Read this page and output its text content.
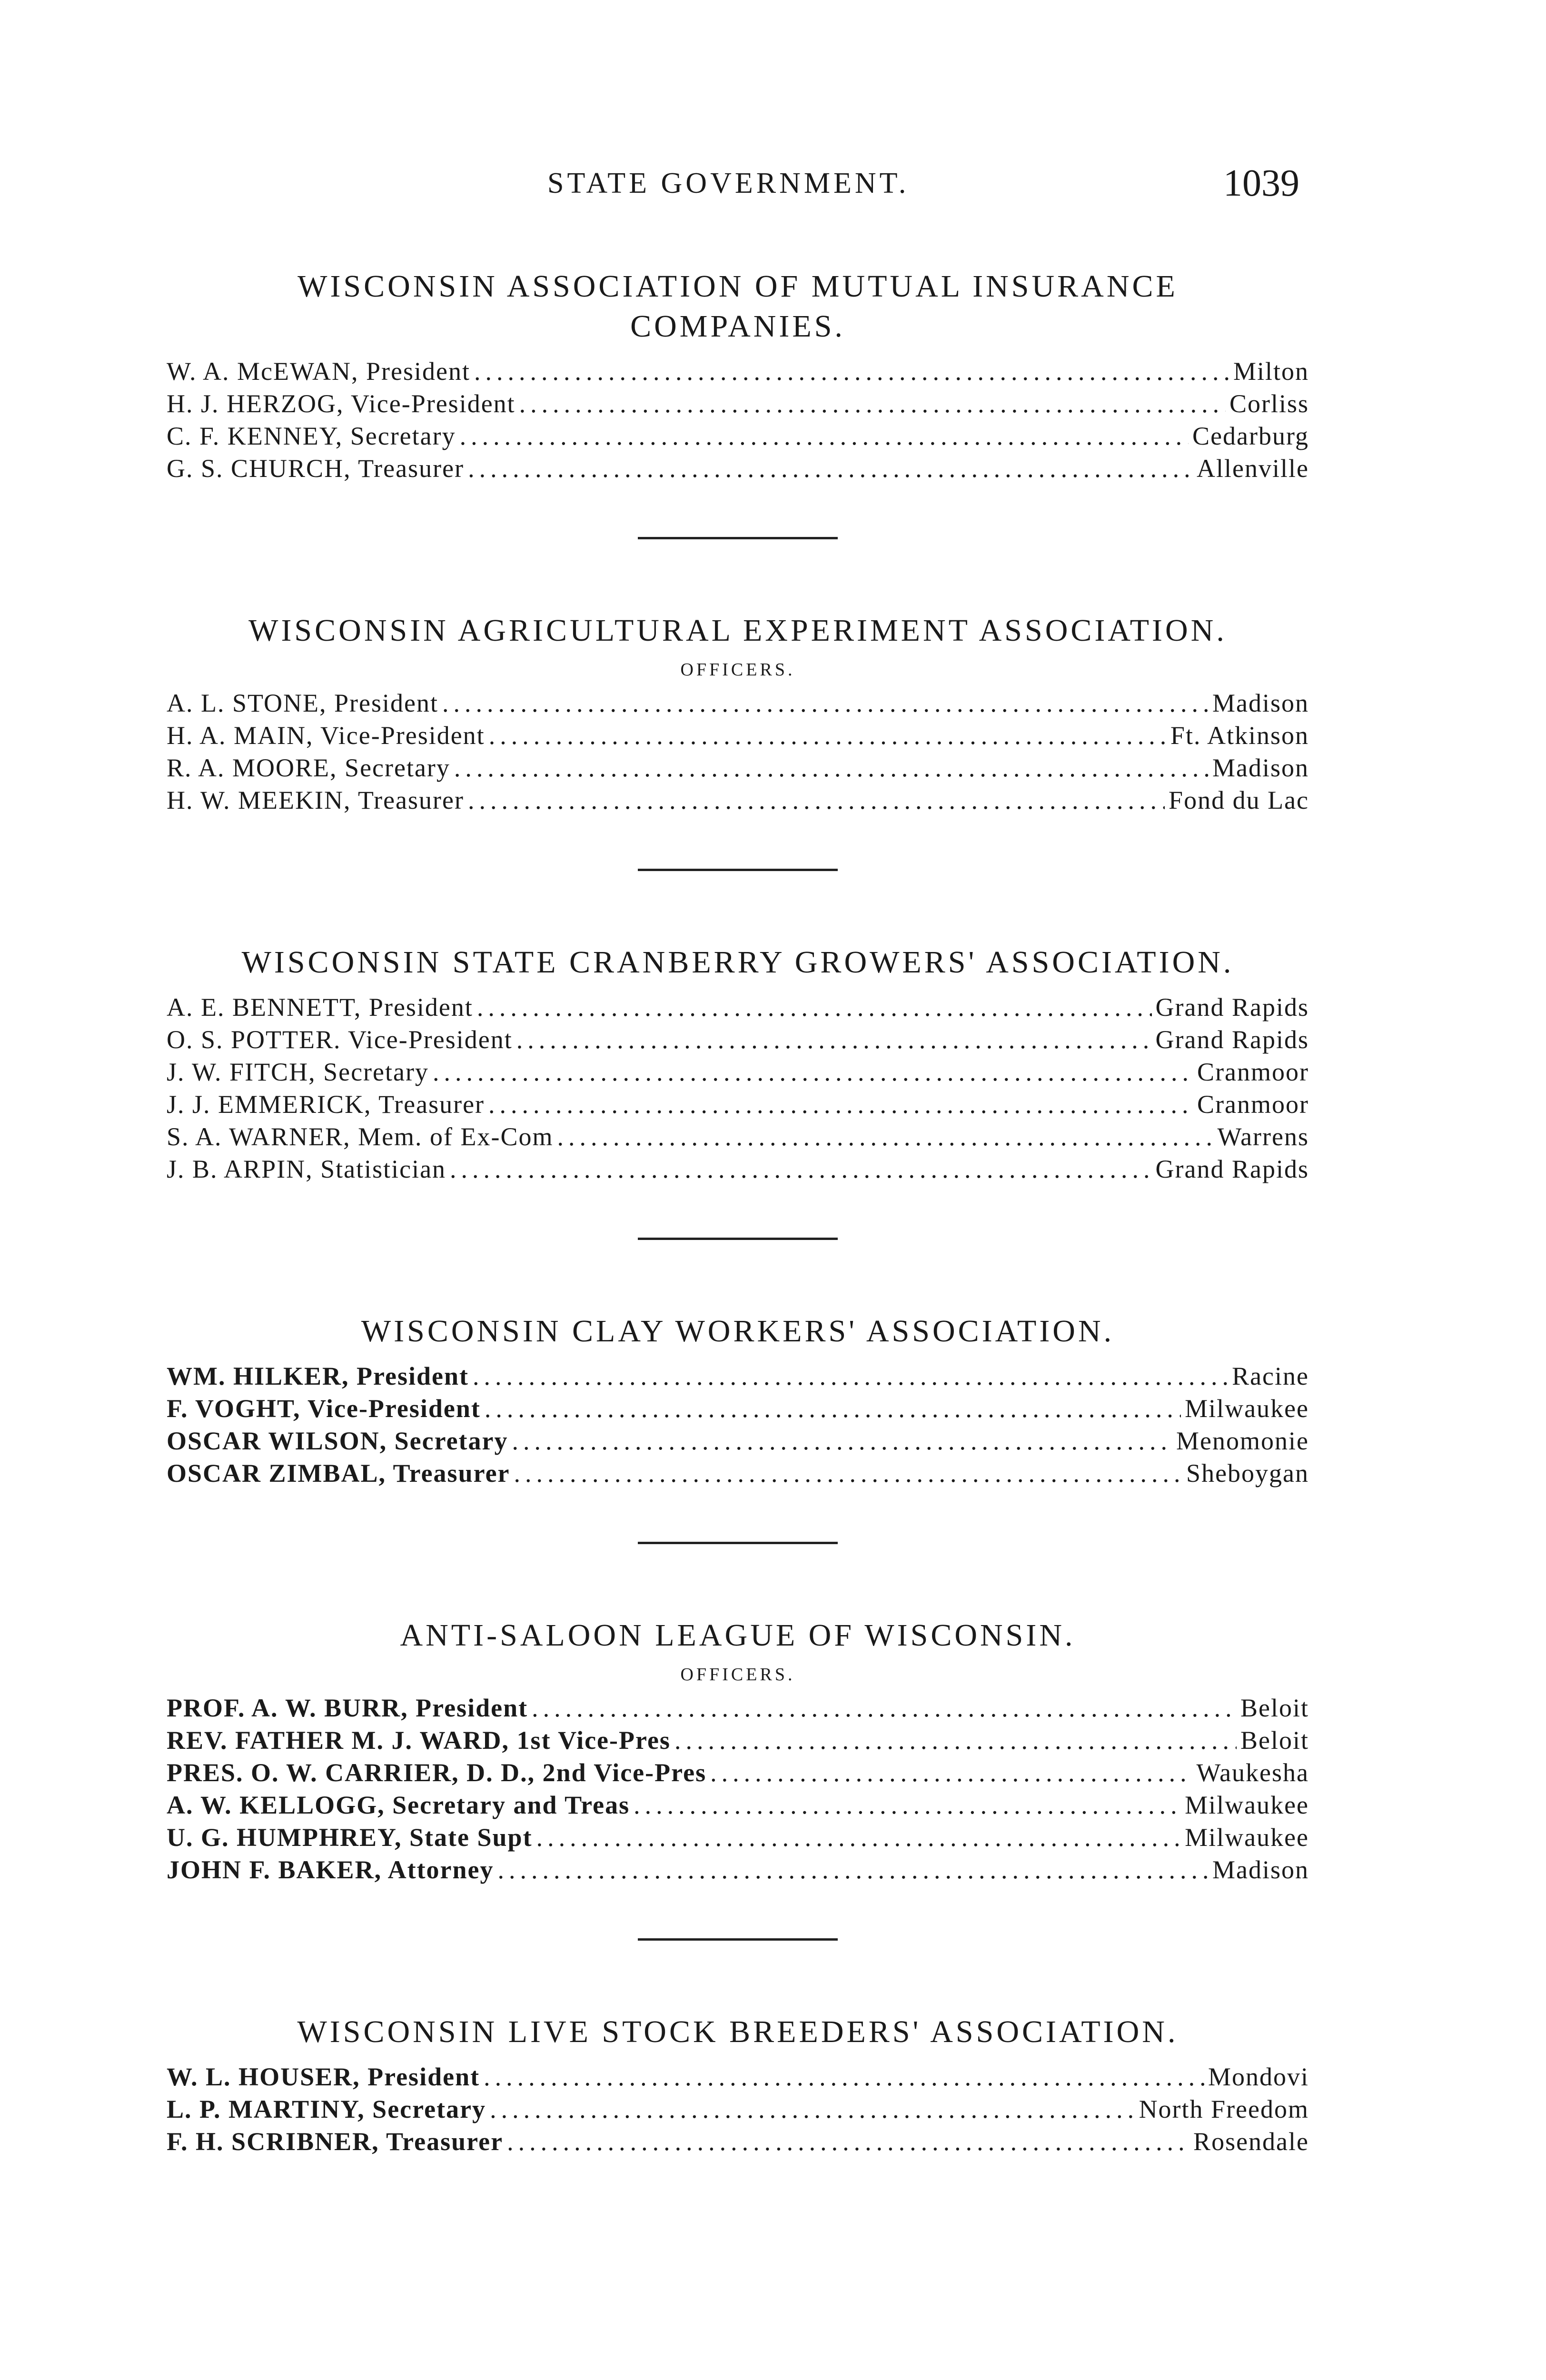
STATE GOVERNMENT.	1039
WISCONSIN ASSOCIATION OF MUTUAL INSURANCE COMPANIES.
W. A. McEWAN, President .....	Milton
H. J. HERZOG, Vice-President .....	Corliss
C. F. KENNEY, Secretary .....	Cedarburg
G. S. CHURCH, Treasurer .....	Allenville
WISCONSIN AGRICULTURAL EXPERIMENT ASSOCIATION.
OFFICERS.
A. L. STONE, President .....	Madison
H. A. MAIN, Vice-President .....	Ft. Atkinson
R. A. MOORE, Secretary .....	Madison
H. W. MEEKIN, Treasurer .....	Fond du Lac
WISCONSIN STATE CRANBERRY GROWERS' ASSOCIATION.
A. E. BENNETT, President .....	Grand Rapids
O. S. POTTER. Vice-President .....	Grand Rapids
J. W. FITCH, Secretary .....	Cranmoor
J. J. EMMERICK, Treasurer .....	Cranmoor
S. A. WARNER, Mem. of Ex-Com .....	Warrens
J. B. ARPIN, Statistician .....	Grand Rapids
WISCONSIN CLAY WORKERS' ASSOCIATION.
WM. HILKER, President .....	Racine
F. VOGHT, Vice-President .....	Milwaukee
OSCAR WILSON, Secretary .....	Menomonie
OSCAR ZIMBAL, Treasurer .....	Sheboygan
ANTI-SALOON LEAGUE OF WISCONSIN.
OFFICERS.
PROF. A. W. BURR, President .....	Beloit
REV. FATHER M. J. WARD, 1st Vice-Pres .....	Beloit
PRES. O. W. CARRIER, D. D., 2nd Vice-Pres .....	Waukesha
A. W. KELLOGG, Secretary and Treas .....	Milwaukee
U. G. HUMPHREY, State Supt .....	Milwaukee
JOHN F. BAKER, Attorney .....	Madison
WISCONSIN LIVE STOCK BREEDERS' ASSOCIATION.
W. L. HOUSER, President .....	Mondovi
L. P. MARTINY, Secretary .....	North Freedom
F. H. SCRIBNER, Treasurer .....	Rosendale
